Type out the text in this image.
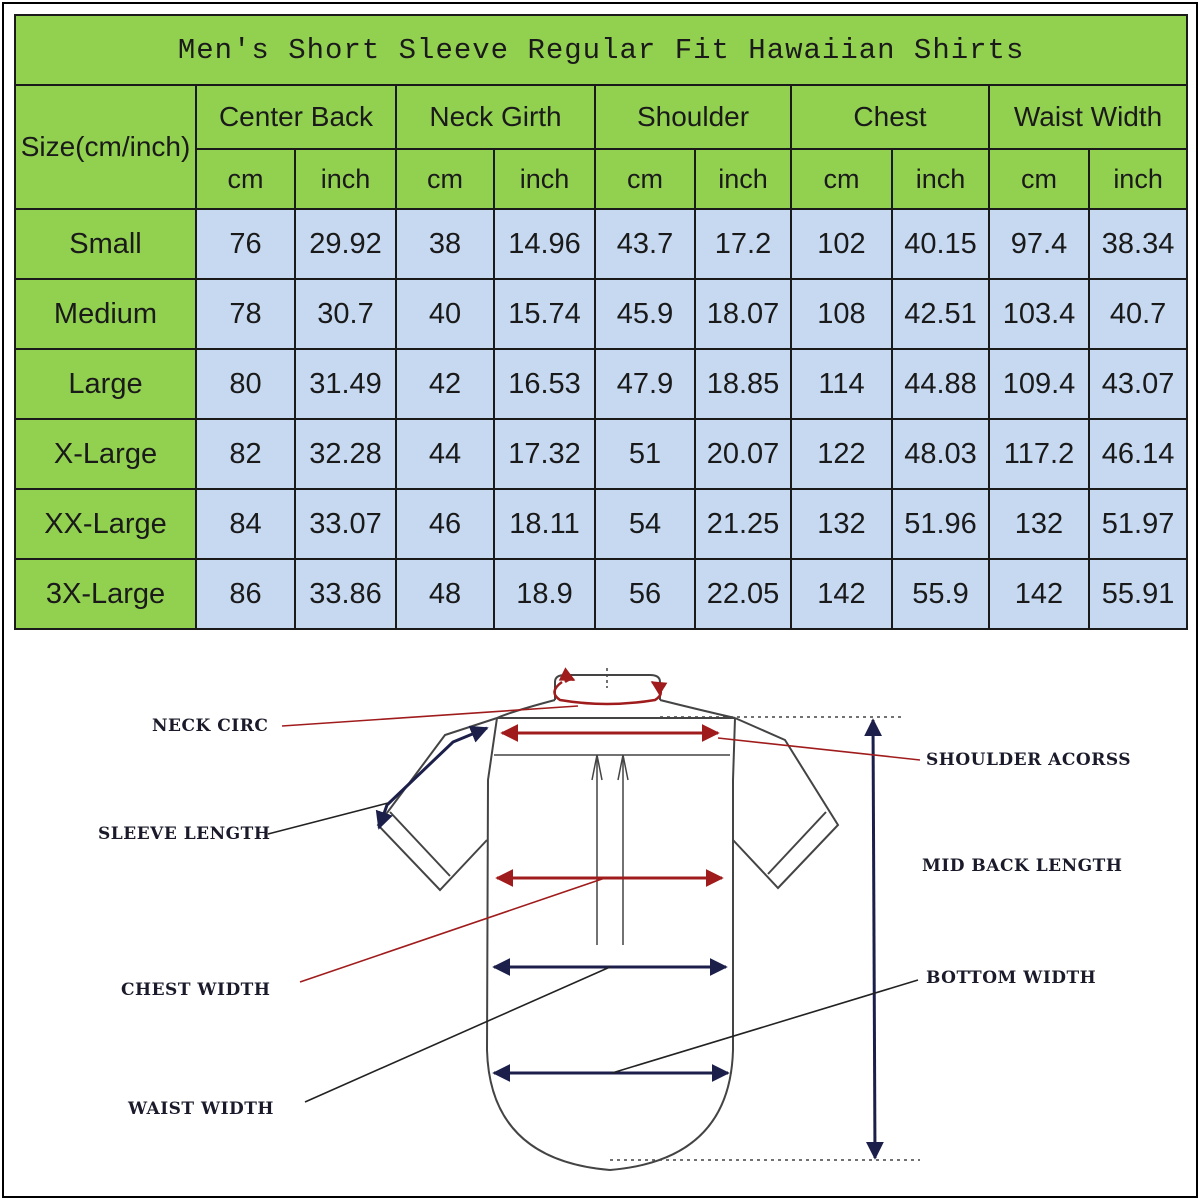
Men's Short Sleeve Regular Fit Hawaiian Shirts										
Size(cm/inch)	Center Back		Neck Girth		Shoulder		Chest		Waist Width	
	cm	inch	cm	inch	cm	inch	cm	inch	cm	inch
Small	76	29.92	38	14.96	43.7	17.2	102	40.15	97.4	38.34
Medium	78	30.7	40	15.74	45.9	18.07	108	42.51	103.4	40.7
Large	80	31.49	42	16.53	47.9	18.85	114	44.88	109.4	43.07
X-Large	82	32.28	44	17.32	51	20.07	122	48.03	117.2	46.14
XX-Large	84	33.07	46	18.11	54	21.25	132	51.96	132	51.97
3X-Large	86	33.86	48	18.9	56	22.05	142	55.9	142	55.91
NECK CIRC
SLEEVE LENGTH
CHEST WIDTH
WAIST WIDTH
SHOULDER ACORSS
MID BACK LENGTH
BOTTOM WIDTH
